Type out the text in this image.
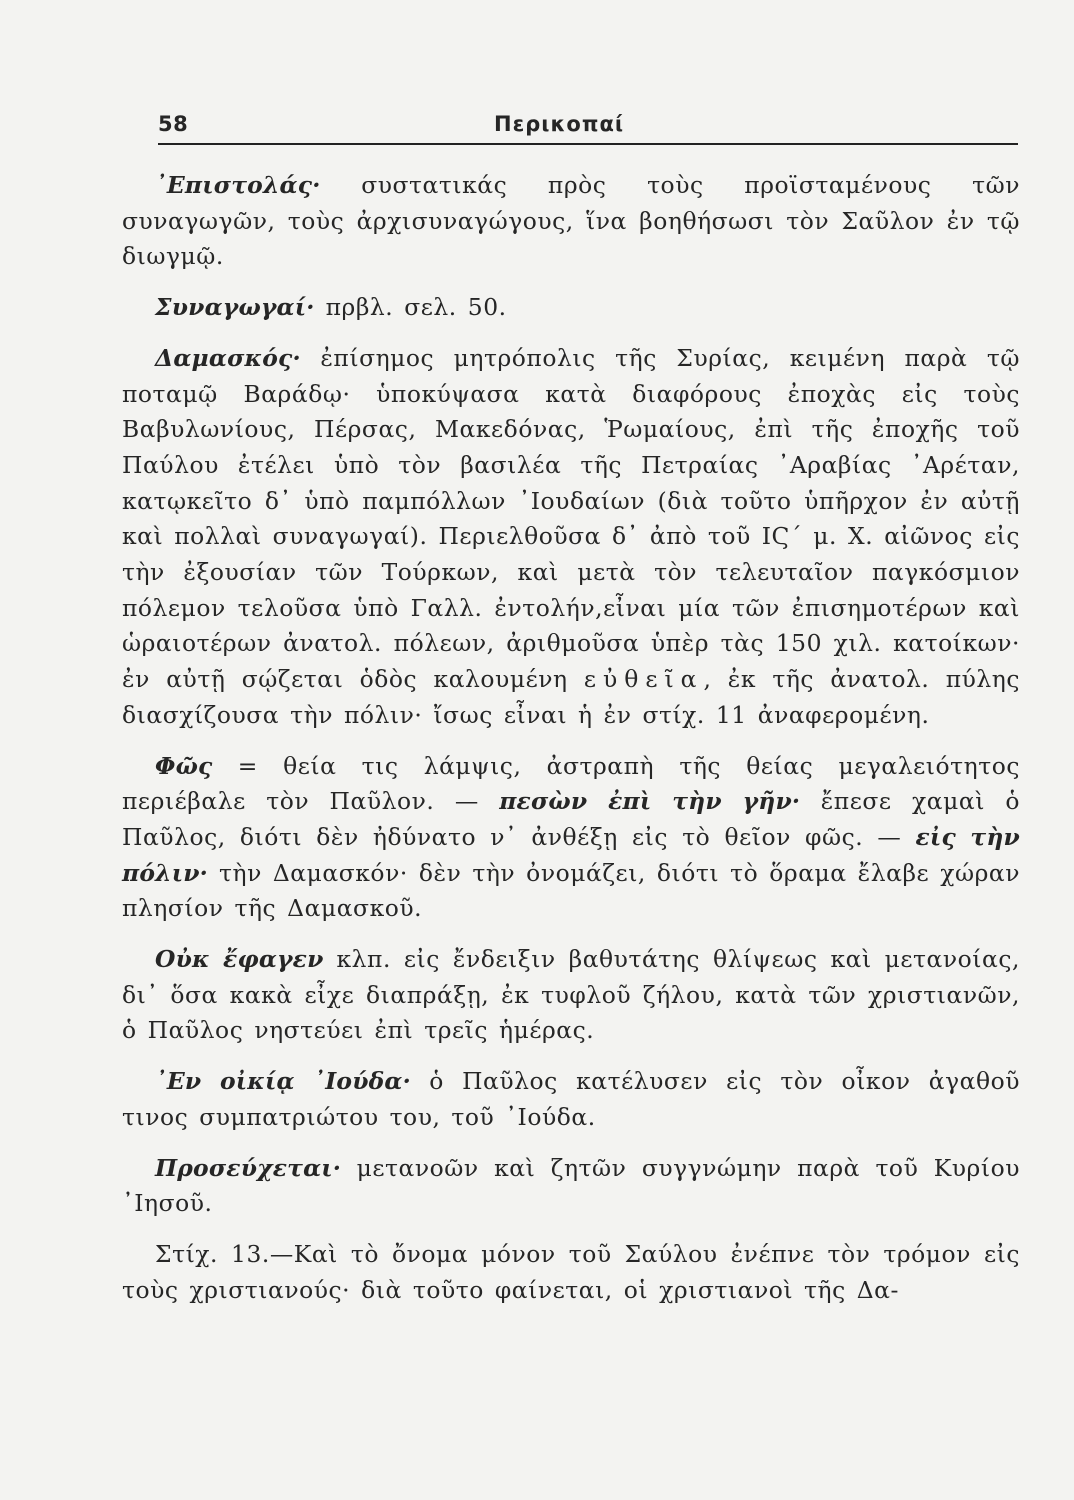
58	Περικοπαί

᾽Επιστολάς· συστατικάς πρὸς τοὺς προϊσταμένους τῶν συναγωγῶν, τοὺς ἀρχισυναγώγους, ἵνα βοηθήσωσι τὸν Σαῦλον ἐν τῷ διωγμῷ.

Συναγωγαί· πρβλ. σελ. 50.

Δαμασκός· ἐπίσημος μητρόπολις τῆς Συρίας, κειμένη παρὰ τῷ ποταμῷ Βαράδῳ· ὑποκύψασα κατὰ διαφόρους ἐποχὰς εἰς τοὺς Βαβυλωνίους, Πέρσας, Μακεδόνας, Ῥωμαίους, ἐπὶ τῆς ἐποχῆς τοῦ Παύλου ἐτέλει ὑπὸ τὸν βασιλέα τῆς Πετραίας ᾽Αραβίας ᾽Αρέταν, κατῳκεῖτο δ᾽ ὑπὸ παμπόλλων ᾽Ιουδαίων (διὰ τοῦτο ὑπῆρχον ἐν αὐτῇ καὶ πολλαὶ συναγωγαί). Περιελθοῦσα δ᾽ ἀπὸ τοῦ ΙϚ΄ μ. Χ. αἰῶνος εἰς τὴν ἐξουσίαν τῶν Τούρκων, καὶ μετὰ τὸν τελευταῖον παγκόσμιον πόλεμον τελοῦσα ὑπὸ Γαλλ. ἐντολήν,εἶναι μία τῶν ἐπισημοτέρων καὶ ὡραιοτέρων ἀνατολ. πόλεων, ἀριθμοῦσα ὑπὲρ τὰς 150 χιλ. κατοίκων· ἐν αὐτῇ σῴζεται ὁδὸς καλουμένη εὐθεῖα, ἐκ τῆς ἀνατολ. πύλης διασχίζουσα τὴν πόλιν· ἴσως εἶναι ἡ ἐν στίχ. 11 ἀναφερομένη.

Φῶς = θεία τις λάμψις, ἀστραπὴ τῆς θείας μεγαλειότητος περιέβαλε τὸν Παῦλον. — πεσὼν ἐπὶ τὴν γῆν· ἔπεσε χαμαὶ ὁ Παῦλος, διότι δὲν ἠδύνατο ν᾽ ἀνθέξῃ εἰς τὸ θεῖον φῶς. — εἰς τὴν πόλιν· τὴν Δαμασκόν· δὲν τὴν ὀνομάζει, διότι τὸ ὅραμα ἔλαβε χώραν πλησίον τῆς Δαμασκοῦ.

Οὐκ ἔφαγεν κλπ. εἰς ἔνδειξιν βαθυτάτης θλίψεως καὶ μετανοίας, δι᾽ ὅσα κακὰ εἶχε διαπράξῃ, ἐκ τυφλοῦ ζήλου, κατὰ τῶν χριστιανῶν, ὁ Παῦλος νηστεύει ἐπὶ τρεῖς ἡμέρας.

᾽Εν οἰκίᾳ ᾽Ιούδα· ὁ Παῦλος κατέλυσεν εἰς τὸν οἶκον ἀγαθοῦ τινος συμπατριώτου του, τοῦ ᾽Ιούδα.

Προσεύχεται· μετανοῶν καὶ ζητῶν συγγνώμην παρὰ τοῦ Κυρίου ᾽Ιησοῦ.

Στίχ. 13.—Καὶ τὸ ὄνομα μόνον τοῦ Σαύλου ἐνέπνε τὸν τρόμον εἰς τοὺς χριστιανούς· διὰ τοῦτο φαίνεται, οἱ χριστιανοὶ τῆς Δα-
